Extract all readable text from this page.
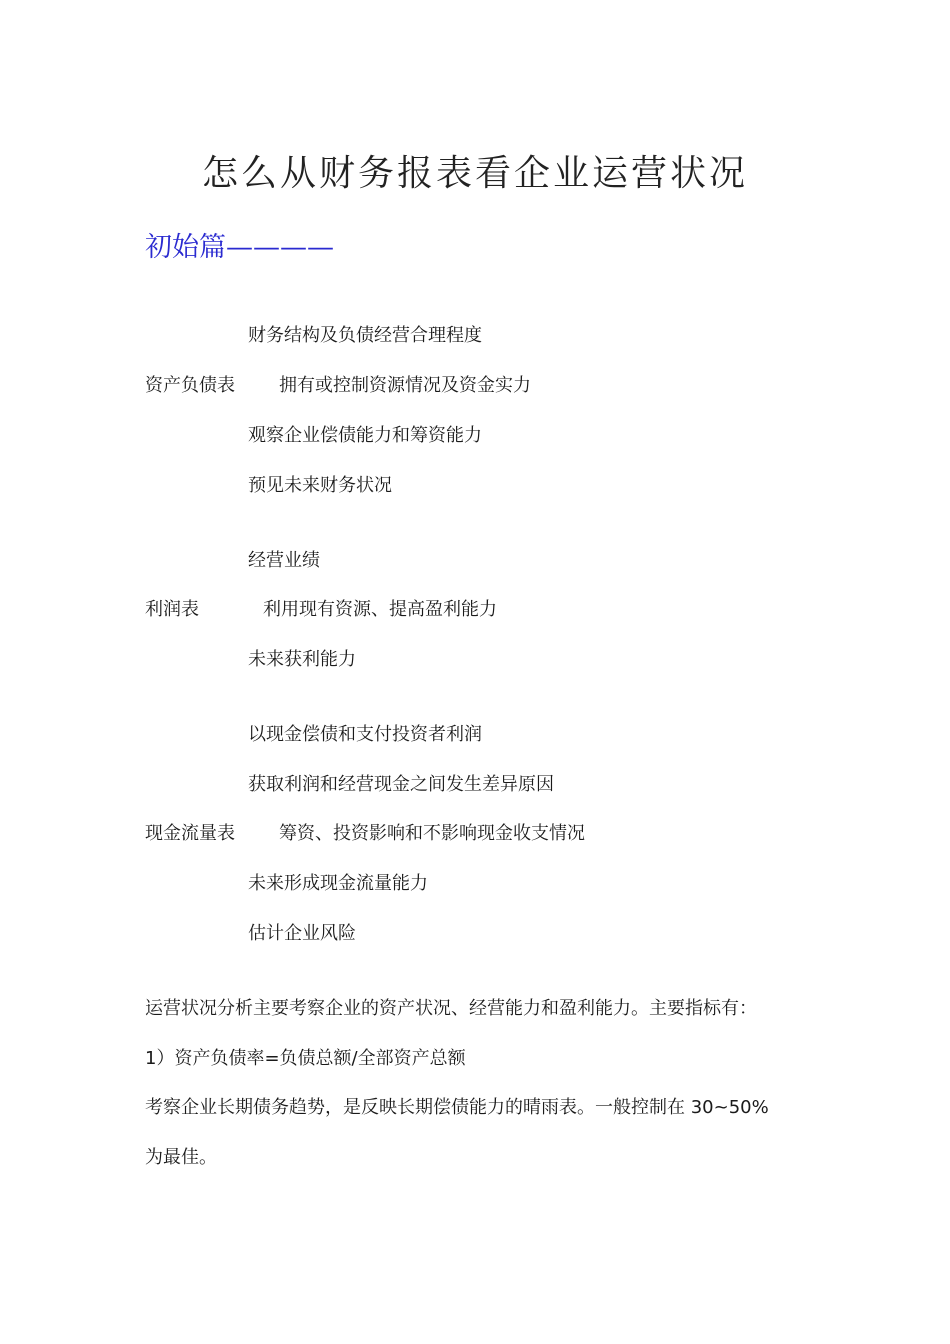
怎么从财务报表看企业运营状况
初始篇————
财务结构及负债经营合理程度
资产负债表 拥有或控制资源情况及资金实力
观察企业偿债能力和筹资能力
预见未来财务状况
经营业绩
利润表	利用现有资源、提高盈利能力
未来获利能力
以现金偿债和支付投资者利润
获取利润和经营现金之间发生差异原因
现金流量表 筹资、投资影响和不影响现金收支情况
未来形成现金流量能力
估计企业风险
运营状况分析主要考察企业的资产状况、经营能力和盈利能力。主要指标有：
1）资产负债率=负债总额/全部资产总额
考察企业长期债务趋势，是反映长期偿债能力的晴雨表。一般控制在 30~50%
为最佳。
